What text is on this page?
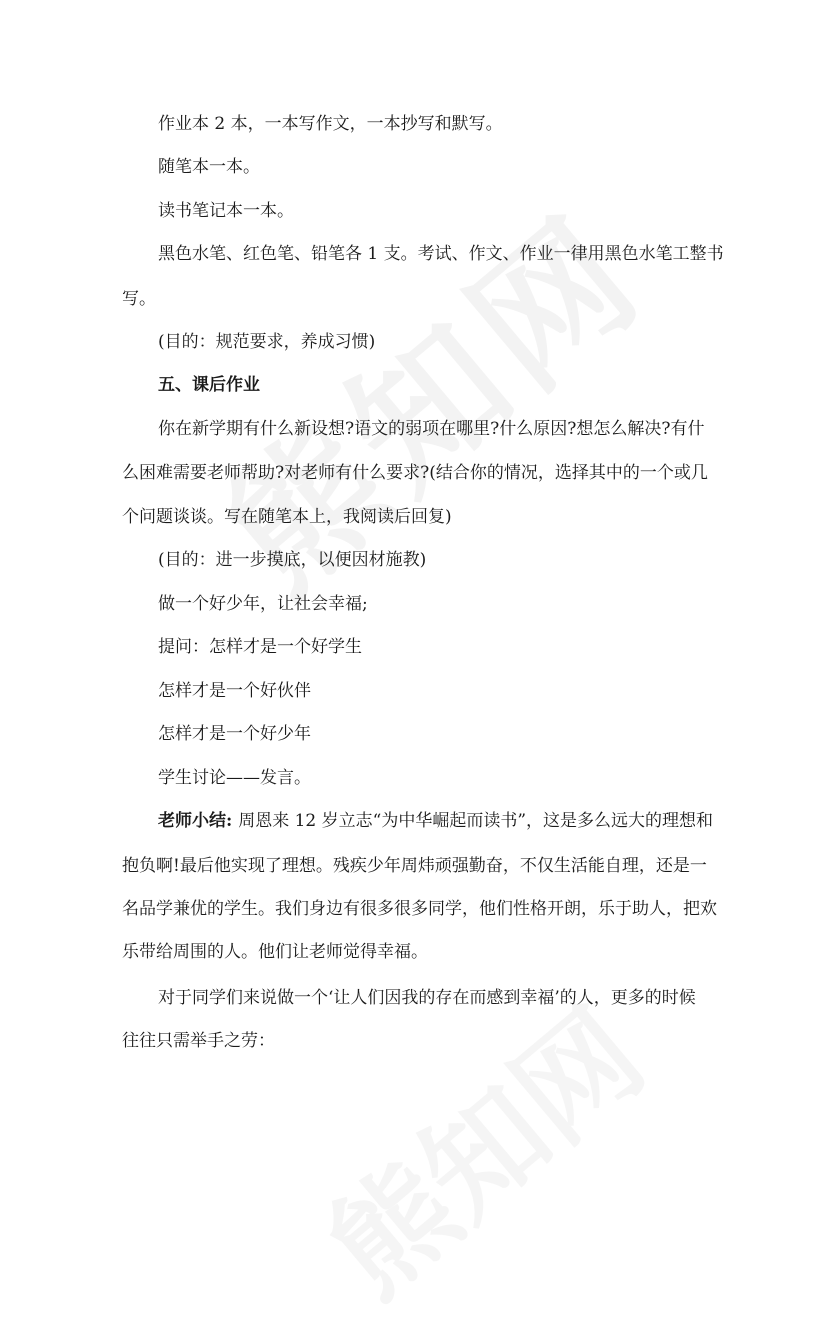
作业本 2 本，一本写作文，一本抄写和默写。
随笔本一本。
读书笔记本一本。
黑色水笔、红色笔、铅笔各 1 支。考试、作文、作业一律用黑色水笔工整书
写。
(目的：规范要求，养成习惯)
五、课后作业
你在新学期有什么新设想?语文的弱项在哪里?什么原因?想怎么解决?有什
么困难需要老师帮助?对老师有什么要求?(结合你的情况，选择其中的一个或几
个问题谈谈。写在随笔本上，我阅读后回复)
(目的：进一步摸底，以便因材施教)
做一个好少年，让社会幸福;
提问：怎样才是一个好学生
怎样才是一个好伙伴
怎样才是一个好少年
学生讨论——发言。
老师小结: 周恩来 12 岁立志“为中华崛起而读书”，这是多么远大的理想和
抱负啊!最后他实现了理想。残疾少年周炜顽强勤奋，不仅生活能自理，还是一
名品学兼优的学生。我们身边有很多很多同学，他们性格开朗，乐于助人，把欢
乐带给周围的人。他们让老师觉得幸福。
对于同学们来说做一个‘让人们因我的存在而感到幸福’的人，更多的时候
往往只需举手之劳：
